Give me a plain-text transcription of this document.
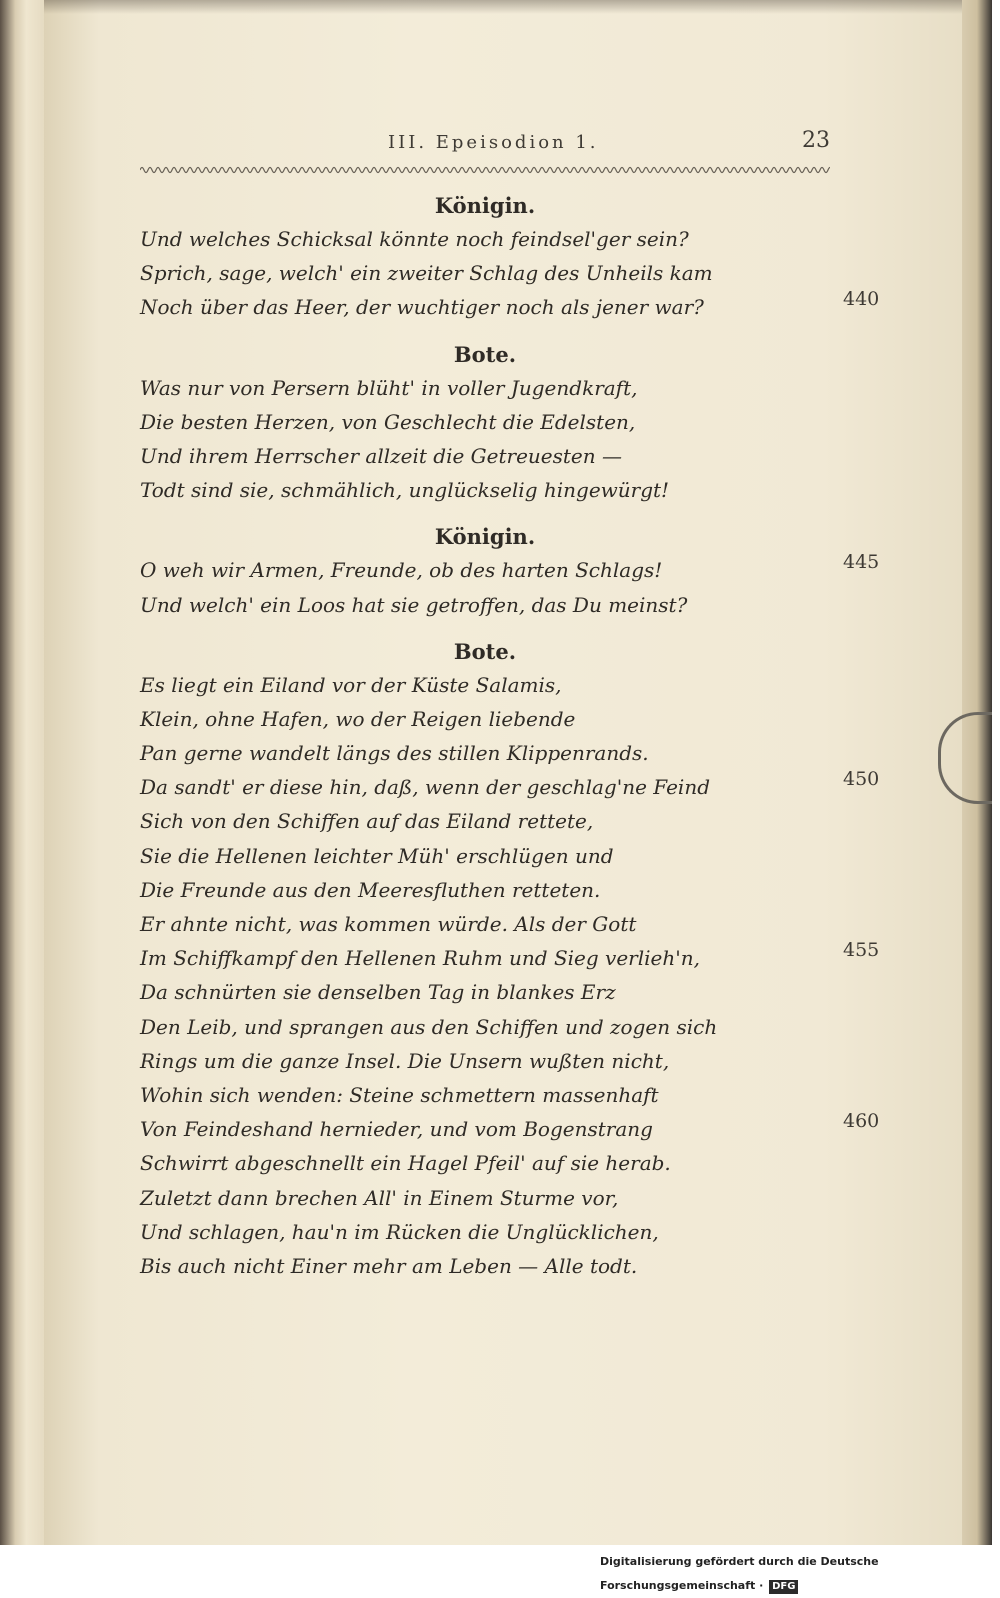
III. Epeisodion 1.	23
Königin.
Und welches Schicksal könnte noch feindsel'ger sein?
Sprich, sage, welch' ein zweiter Schlag des Unheils kam
Noch über das Heer, der wuchtiger noch als jener war?	440
Bote.
Was nur von Persern blüht' in voller Jugendkraft,
Die besten Herzen, von Geschlecht die Edelsten,
Und ihrem Herrscher allzeit die Getreuesten —
Todt sind sie, schmählich, unglückselig hingewürgt!
Königin.
O weh wir Armen, Freunde, ob des harten Schlags!	445
Und welch' ein Loos hat sie getroffen, das Du meinst?
Bote.
Es liegt ein Eiland vor der Küste Salamis,
Klein, ohne Hafen, wo der Reigen liebende
Pan gerne wandelt längs des stillen Klippenrands.
Da sandt' er diese hin, daß, wenn der geschlag'ne Feind	450
Sich von den Schiffen auf das Eiland rettete,
Sie die Hellenen leichter Müh' erschlügen und
Die Freunde aus den Meeresfluthen retteten.
Er ahnte nicht, was kommen würde. Als der Gott
Im Schiffkampf den Hellenen Ruhm und Sieg verlieh'n,	455
Da schnürten sie denselben Tag in blankes Erz
Den Leib, und sprangen aus den Schiffen und zogen sich
Rings um die ganze Insel. Die Unsern wußten nicht,
Wohin sich wenden: Steine schmettern massenhaft
Von Feindeshand hernieder, und vom Bogenstrang	460
Schwirrt abgeschnellt ein Hagel Pfeil' auf sie herab.
Zuletzt dann brechen All' in Einem Sturme vor,
Und schlagen, hau'n im Rücken die Unglücklichen,
Bis auch nicht Einer mehr am Leben — Alle todt.
Digitalisierung gefördert durch die Deutsche Forschungsgemeinschaft · DFG
